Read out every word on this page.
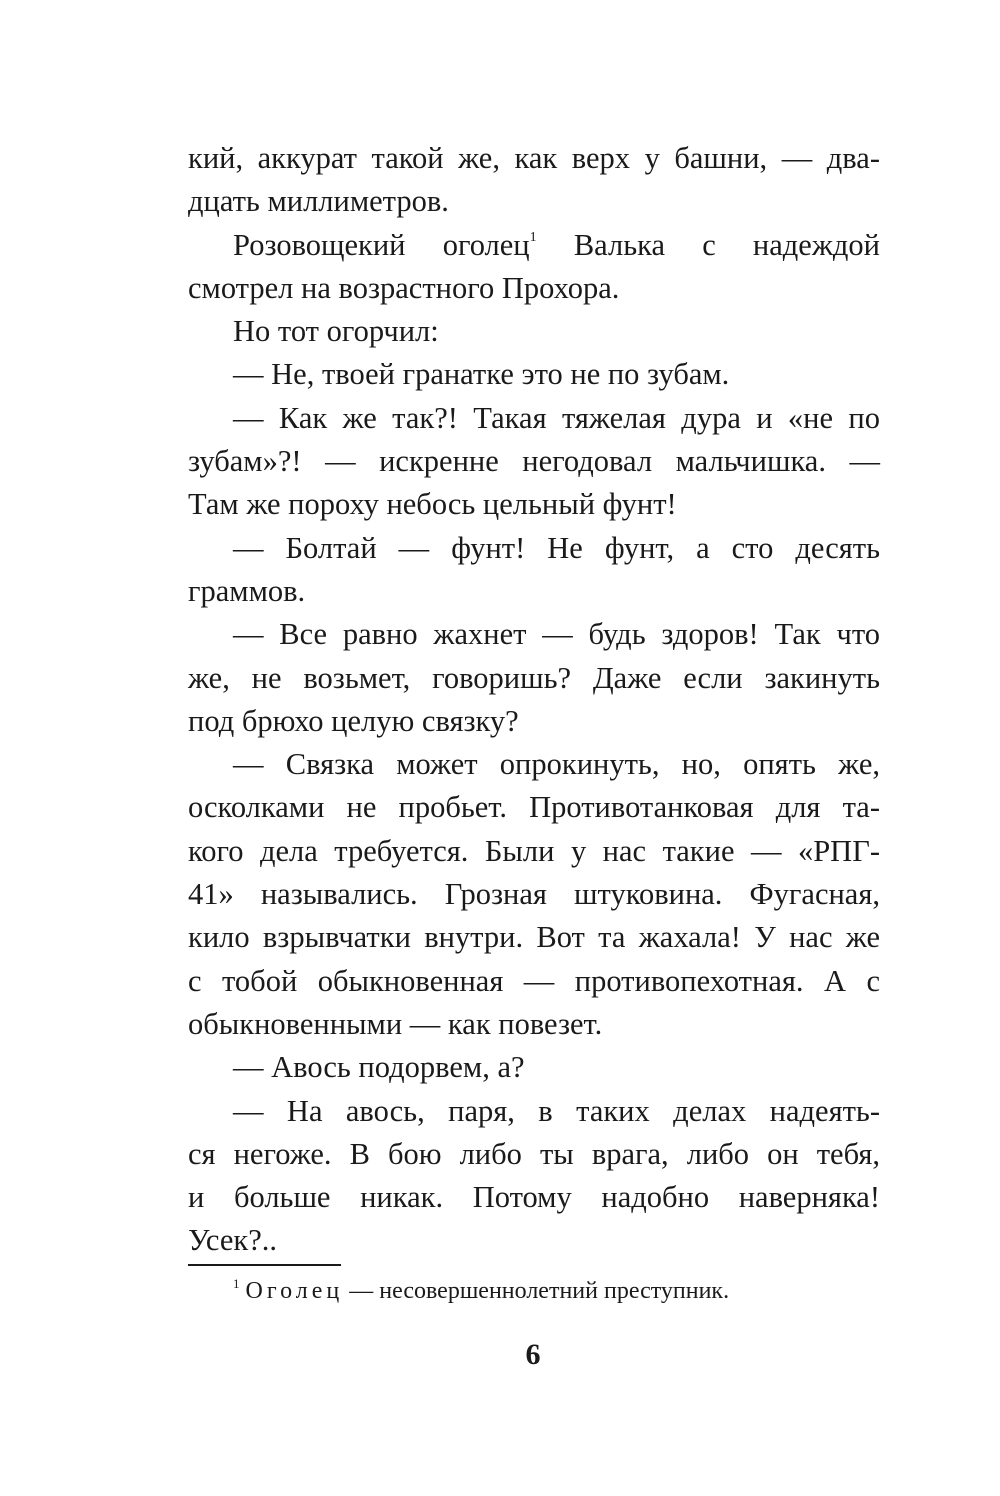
кий, аккурат такой же, как верх у башни, — два-
дцать миллиметров.
Розовощекий оголец$^1$ Валька с надеждой
смотрел на возрастного Прохора.
Но тот огорчил:
— Не, твоей гранатке это не по зубам.
— Как же так?! Такая тяжелая дура и «не по
зубам»?! — искренне негодовал мальчишка. —
Там же пороху небось цельный фунт!
— Болтай — фунт! Не фунт, а сто десять
граммов.
— Все равно жахнет — будь здоров! Так что
же, не возьмет, говоришь? Даже если закинуть
под брюхо целую связку?
— Связка может опрокинуть, но, опять же,
осколками не пробьет. Противотанковая для та-
кого дела требуется. Были у нас такие — «РПГ-
41» назывались. Грозная штуковина. Фугасная,
кило взрывчатки внутри. Вот та жахала! У нас же
с тобой обыкновенная — противопехотная. А с
обыкновенными — как повезет.
— Авось подорвем, а?
— На авось, паря, в таких делах надеять-
ся негоже. В бою либо ты врага, либо он тебя,
и больше никак. Потому надобно наверняка!
Усек?..
$^1$ Оголец — несовершеннолетний преступник.
6
